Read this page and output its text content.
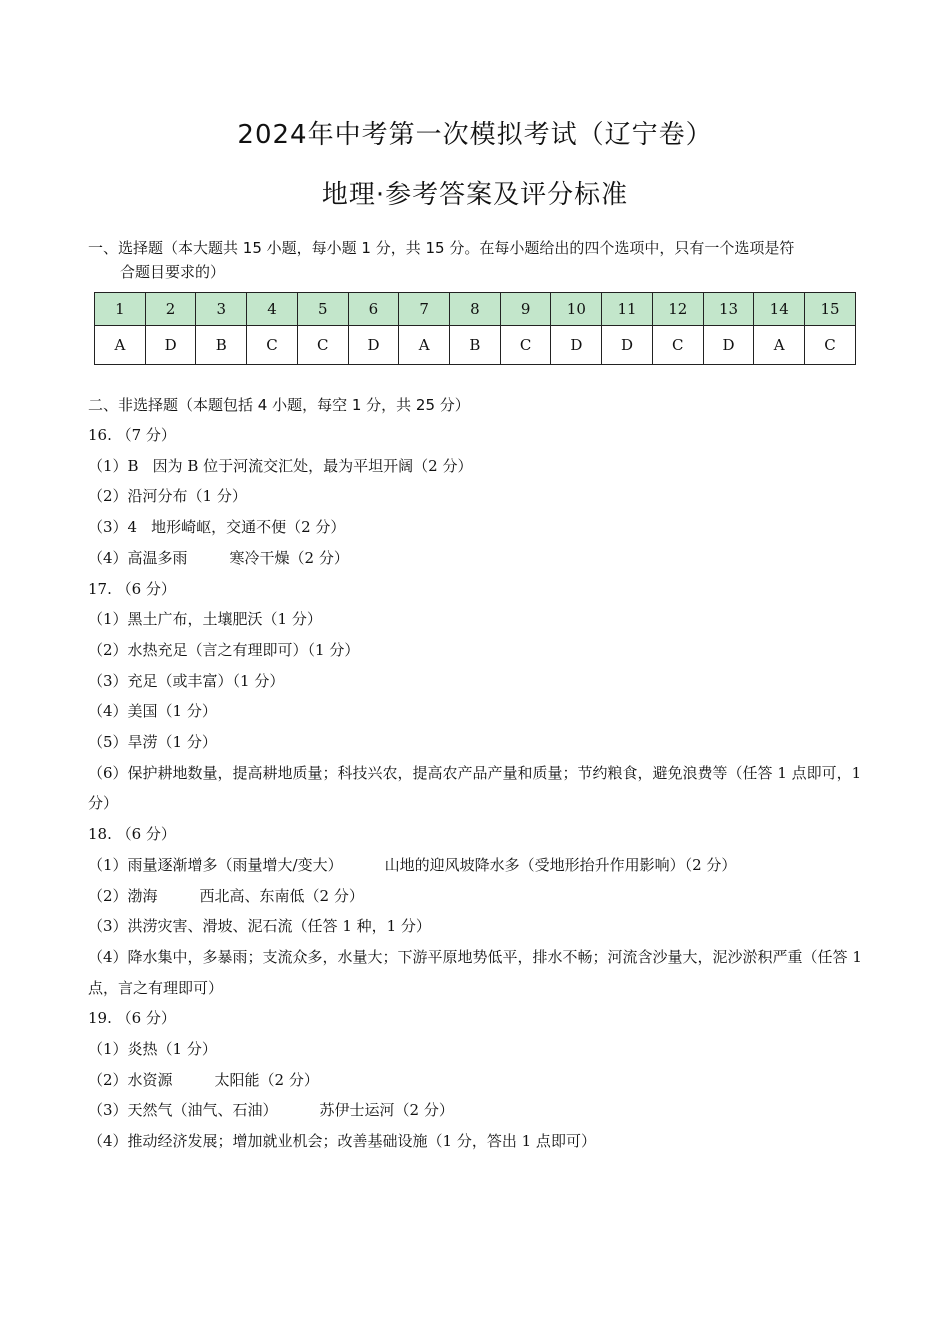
2024年中考第一次模拟考试（辽宁卷）
地理·参考答案及评分标准
一、选择题（本大题共 15 小题，每小题 1 分，共 15 分。在每小题给出的四个选项中，只有一个选项是符
合题目要求的）
1	2	3	4	5	6	7	8	9	10	11	12	13	14	15
A	D	B	C	C	D	A	B	C	D	D	C	D	A	C
二、非选择题（本题包括 4 小题，每空 1 分，共 25 分）
16. （7 分）
（1）B 因为 B 位于河流交汇处，最为平坦开阔（2 分）
（2）沿河分布（1 分）
（3）4 地形崎岖，交通不便（2 分）
（4）高温多雨	寒冷干燥（2 分）
17. （6 分）
（1）黑土广布，土壤肥沃（1 分）
（2）水热充足（言之有理即可）（1 分）
（3）充足（或丰富）（1 分）
（4）美国（1 分）
（5）旱涝（1 分）
（6）保护耕地数量，提高耕地质量；科技兴农，提高农产品产量和质量；节约粮食，避免浪费等（任答 1 点即可，1 分）
18. （6 分）
（1）雨量逐渐增多（雨量增大/变大）	山地的迎风坡降水多（受地形抬升作用影响）（2 分）
（2）渤海	西北高、东南低（2 分）
（3）洪涝灾害、滑坡、泥石流（任答 1 种，1 分）
（4）降水集中，多暴雨；支流众多，水量大；下游平原地势低平，排水不畅；河流含沙量大，泥沙淤积严重（任答 1 点，言之有理即可）
19. （6 分）
（1）炎热（1 分）
（2）水资源	太阳能（2 分）
（3）天然气（油气、石油）	苏伊士运河（2 分）
（4）推动经济发展；增加就业机会；改善基础设施（1 分，答出 1 点即可）
